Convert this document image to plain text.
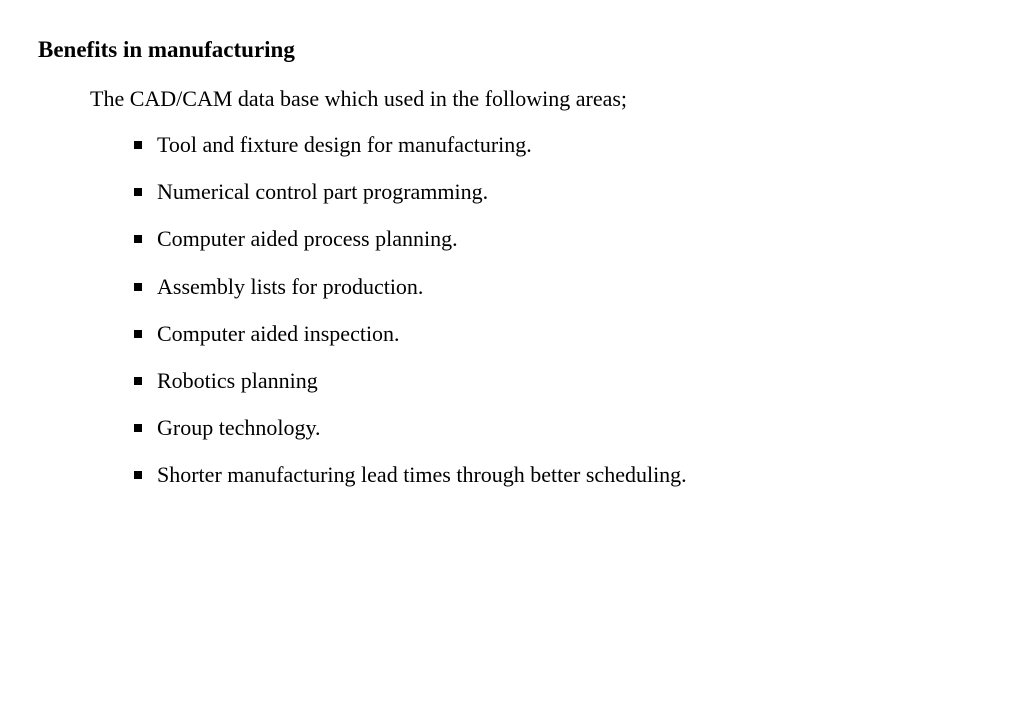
Benefits in manufacturing
The CAD/CAM data base which used in the following areas;
Tool and fixture design for manufacturing.
Numerical control part programming.
Computer aided process planning.
Assembly lists for production.
Computer aided inspection.
Robotics planning
Group technology.
Shorter manufacturing lead times through better scheduling.
